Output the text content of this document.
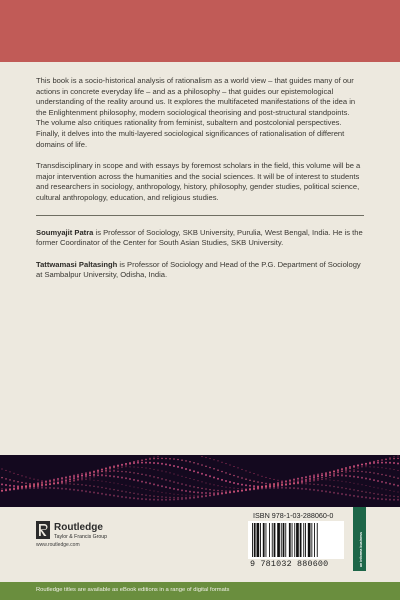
This book is a socio-historical analysis of rationalism as a world view – that guides many of our actions in concrete everyday life – and as a philosophy – that guides our epistemological understanding of the reality around us. It explores the multifaceted manifestations of the idea in the Enlightenment philosophy, modern sociological theorising and post-structural standpoints. The volume also critiques rationality from feminist, subaltern and postcolonial perspectives. Finally, it delves into the multi-layered sociological significances of rationalisation of different domains of life.

Transdisciplinary in scope and with essays by foremost scholars in the field, this volume will be a major intervention across the humanities and the social sciences. It will be of interest to students and researchers in sociology, anthropology, history, philosophy, gender studies, political science, cultural anthropology, education, and religious studies.

Soumyajit Patra is Professor of Sociology, SKB University, Purulia, West Bengal, India. He is the former Coordinator of the Center for South Asian Studies, SKB University.

Tattwamasi Paltasingh is Professor of Sociology and Head of the P.G. Department of Sociology at Sambalpur University, Odisha, India.

Routledge
Taylor & Francis Group
www.routledge.com
ISBN 978-1-03-288060-0
9 781032 880600	an informa business
Routledge titles are available as eBook editions in a range of digital formats
